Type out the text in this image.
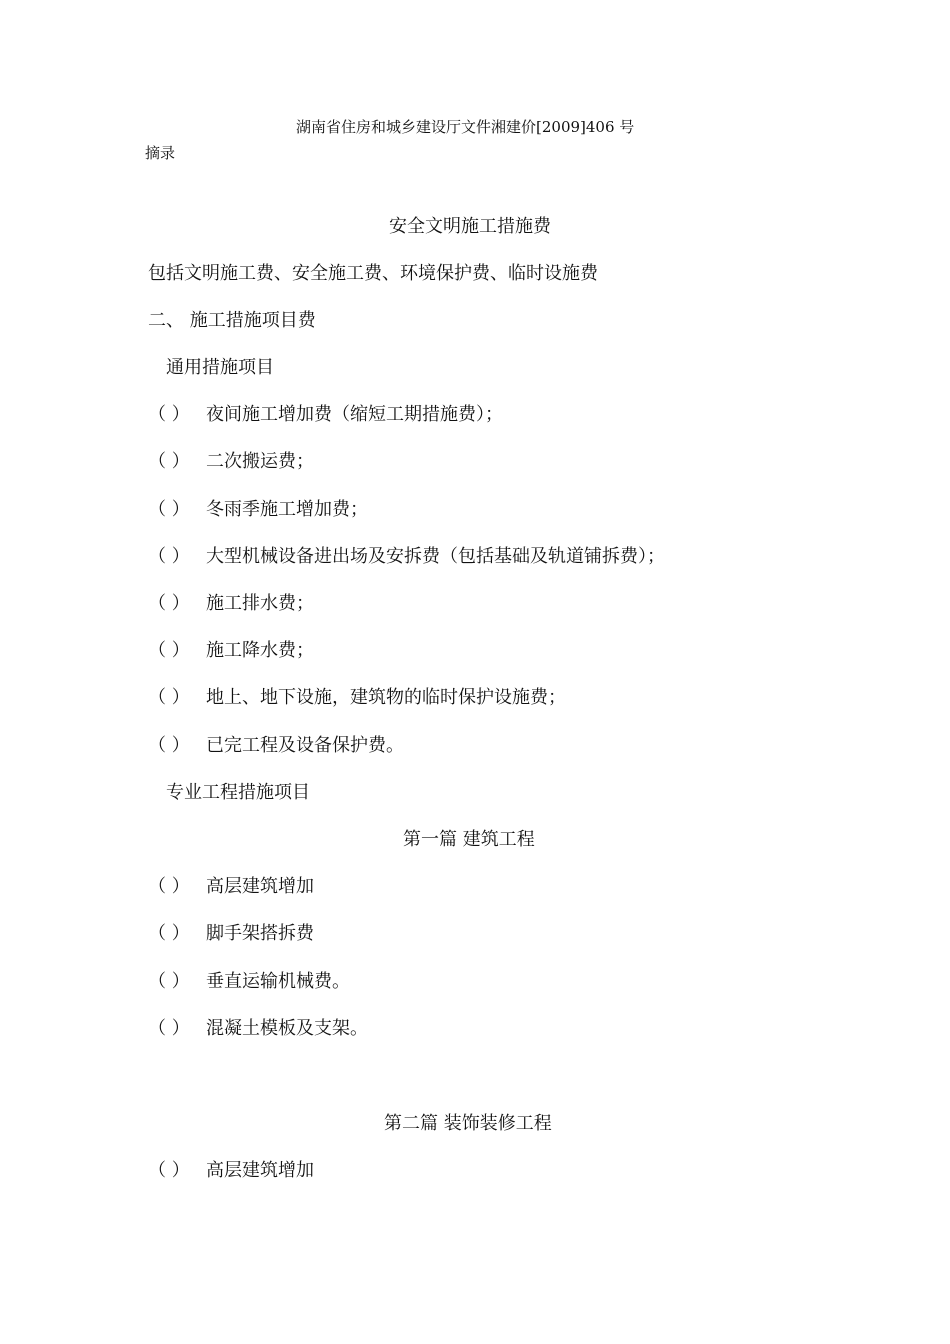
湖南省住房和城乡建设厅文件湘建价[2009]406 号
摘录
安全文明施工措施费
包括文明施工费、安全施工费、环境保护费、临时设施费
二、 施工措施项目费
通用措施项目
（ ） 夜间施工增加费（缩短工期措施费）；
（ ） 二次搬运费；
（ ） 冬雨季施工增加费；
（ ） 大型机械设备进出场及安拆费（包括基础及轨道铺拆费）；
（ ） 施工排水费；
（ ） 施工降水费；
（ ） 地上、地下设施，建筑物的临时保护设施费；
（ ） 已完工程及设备保护费。
专业工程措施项目
第一篇 建筑工程
（ ） 高层建筑增加
（ ） 脚手架搭拆费
（ ） 垂直运输机械费。
（ ） 混凝土模板及支架。
第二篇 装饰装修工程
（ ） 高层建筑增加
